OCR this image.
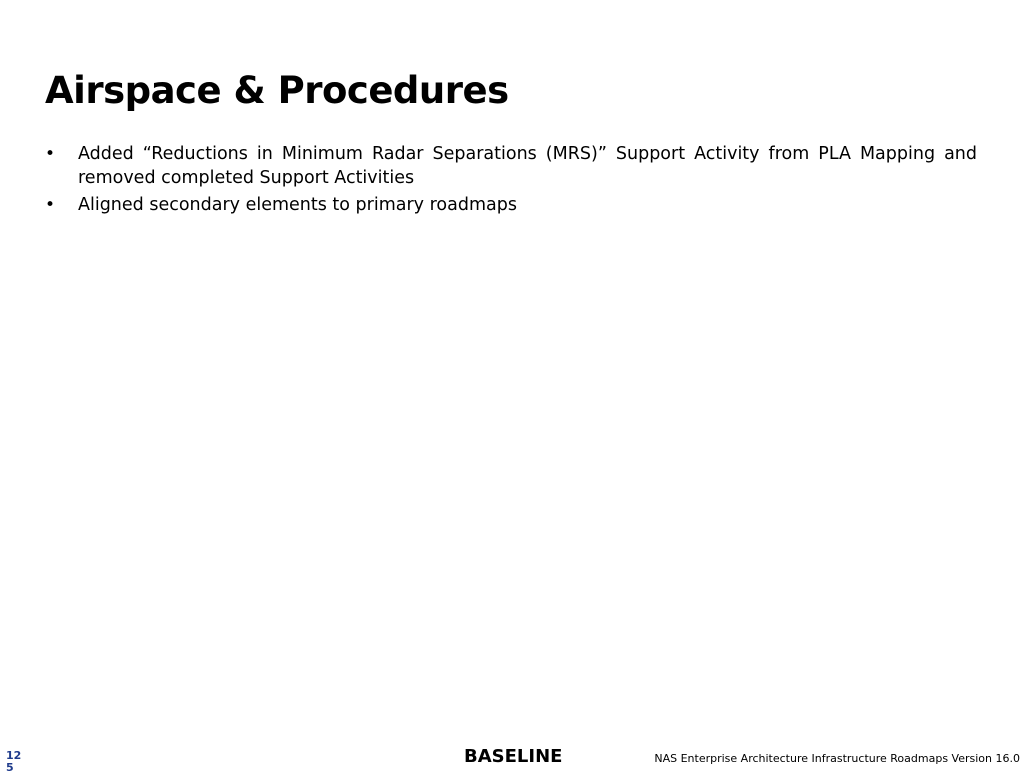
Airspace & Procedures
•	Added “Reductions in Minimum Radar Separations (MRS)” Support Activity from PLA Mapping and removed completed Support Activities
•	Aligned secondary elements to primary roadmaps
125
BASELINE	NAS Enterprise Architecture Infrastructure Roadmaps Version 16.0
